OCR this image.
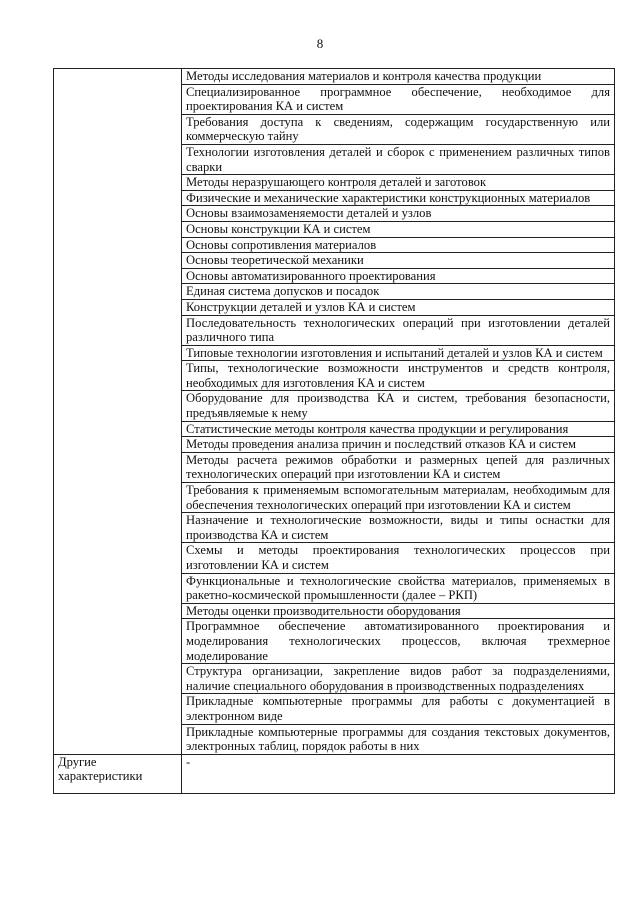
8
	Методы исследования материалов и контроля качества продукции
	Специализированное программное обеспечение, необходимое для проектирования КА и систем
	Требования доступа к сведениям, содержащим государственную или коммерческую тайну
	Технологии изготовления деталей и сборок с применением различных типов сварки
	Методы неразрушающего контроля деталей и заготовок
	Физические и механические характеристики конструкционных материалов
	Основы взаимозаменяемости деталей и узлов
	Основы конструкции КА и систем
	Основы сопротивления материалов
	Основы теоретической механики
	Основы автоматизированного проектирования
	Единая система допусков и посадок
	Конструкции деталей и узлов КА и систем
	Последовательность технологических операций при изготовлении деталей различного типа
	Типовые технологии изготовления и испытаний деталей и узлов КА и систем
	Типы, технологические возможности инструментов и средств контроля, необходимых для изготовления КА и систем
	Оборудование для производства КА и систем, требования безопасности, предъявляемые к нему
	Статистические методы контроля качества продукции и регулирования
	Методы проведения анализа причин и последствий отказов КА и систем
	Методы расчета режимов обработки и размерных цепей для различных технологических операций при изготовлении КА и систем
	Требования к применяемым вспомогательным материалам, необходимым для обеспечения технологических операций при изготовлении КА и систем
	Назначение и технологические возможности, виды и типы оснастки для производства КА и систем
	Схемы и методы проектирования технологических процессов при изготовлении КА и систем
	Функциональные и технологические свойства материалов, применяемых в ракетно-космической промышленности (далее – РКП)
	Методы оценки производительности оборудования
	Программное обеспечение автоматизированного проектирования и моделирования технологических процессов, включая трехмерное моделирование
	Структура организации, закрепление видов работ за подразделениями, наличие специального оборудования в производственных подразделениях
	Прикладные компьютерные программы для работы с документацией в электронном виде
	Прикладные компьютерные программы для создания текстовых документов, электронных таблиц, порядок работы в них
Другие характеристики	-
